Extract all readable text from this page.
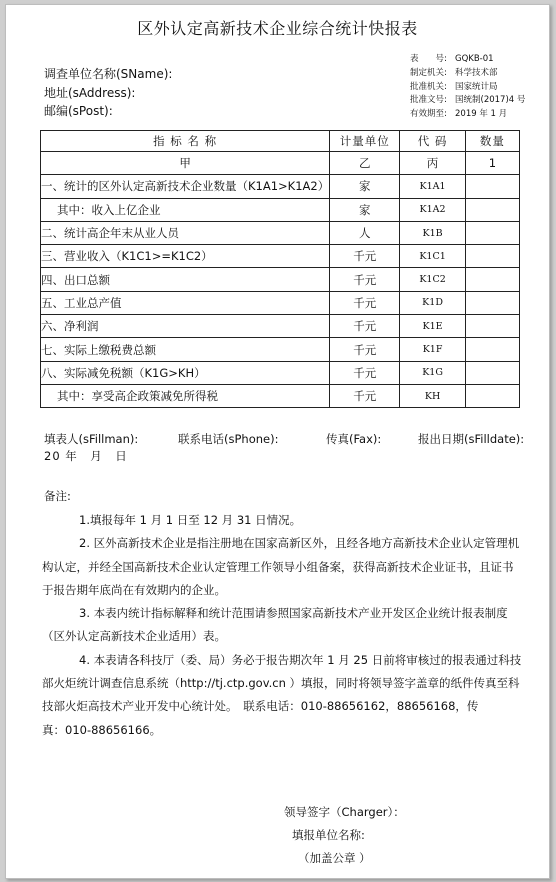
区外认定高新技术企业综合统计快报表
调查单位名称(SName):
地址(sAddress):
邮编(sPost):
表　　号: GQKB-01
制定机关: 科学技术部
批准机关: 国家统计局
批准文号: 国统制(2017)4 号
有效期至: 2019 年 1 月
指 标 名 称	计量单位	代 码	数量
甲	乙	丙	1
一、统计的区外认定高新技术企业数量（K1A1>K1A2）	家	K1A1	
其中：收入上亿企业	家	K1A2	
二、统计高企年末从业人员	人	K1B	
三、营业收入（K1C1>=K1C2）	千元	K1C1	
四、出口总额	千元	K1C2	
五、工业总产值	千元	K1D	
六、净利润	千元	K1E	
七、实际上缴税费总额	千元	K1F	
八、实际减免税额（K1G>KH）	千元	K1G	
其中：享受高企政策减免所得税	千元	KH	
填表人(sFillman):	联系电话(sPhone):	传真(Fax):	报出日期(sFilldate):
20 年　月　日
备注:

1.填报每年 1 月 1 日至 12 月 31 日情况。

2. 区外高新技术企业是指注册地在国家高新区外，且经各地方高新技术企业认定管理机构认定，并经全国高新技术企业认定管理工作领导小组备案，获得高新技术企业证书，且证书于报告期年底尚在有效期内的企业。

3. 本表内统计指标解释和统计范围请参照国家高新技术产业开发区企业统计报表制度（区外认定高新技术企业适用）表。

4. 本表请各科技厅（委、局）务必于报告期次年 1 月 25 日前将审核过的报表通过科技部火炬统计调查信息系统（http://tj.ctp.gov.cn ）填报，同时将领导签字盖章的纸件传真至科技部火炬高技术产业开发中心统计处。　联系电话：010-88656162，88656168，传　　真：010-88656166。

领导签字（Charger）：
填报单位名称:
（加盖公章 ）
